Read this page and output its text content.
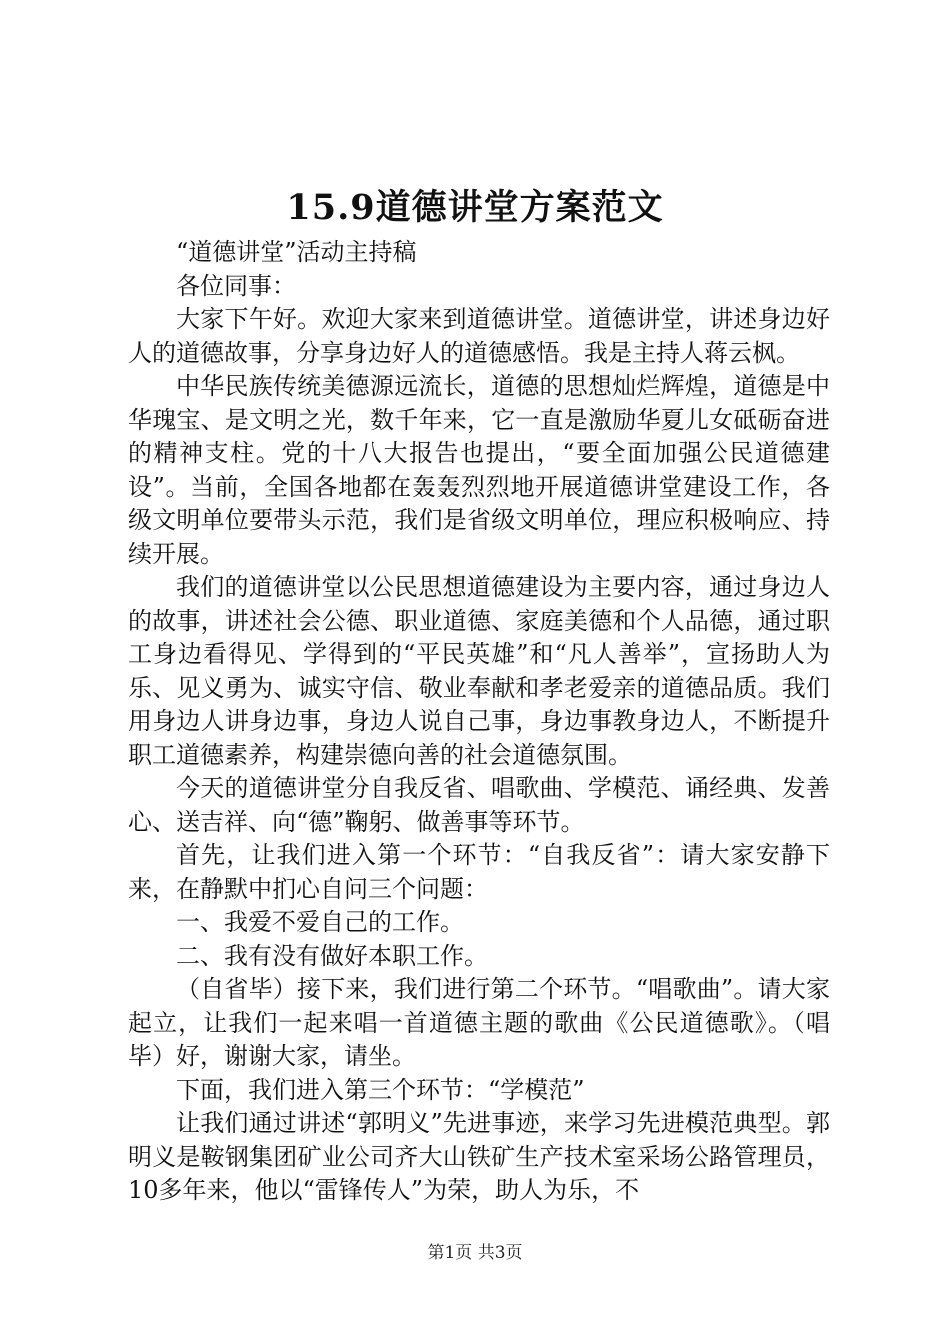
15.9道德讲堂方案范文

“道德讲堂”活动主持稿

各位同事：

大家下午好。欢迎大家来到道德讲堂。道德讲堂，讲述身边好人的道德故事，分享身边好人的道德感悟。我是主持人蒋云枫。

中华民族传统美德源远流长，道德的思想灿烂辉煌，道德是中华瑰宝、是文明之光，数千年来，它一直是激励华夏儿女砥砺奋进的精神支柱。党的十八大报告也提出，“要全面加强公民道德建设”。当前，全国各地都在轰轰烈烈地开展道德讲堂建设工作，各级文明单位要带头示范，我们是省级文明单位，理应积极响应、持续开展。

我们的道德讲堂以公民思想道德建设为主要内容，通过身边人的故事，讲述社会公德、职业道德、家庭美德和个人品德，通过职工身边看得见、学得到的“平民英雄”和“凡人善举”，宣扬助人为乐、见义勇为、诚实守信、敬业奉献和孝老爱亲的道德品质。我们用身边人讲身边事，身边人说自己事，身边事教身边人，不断提升职工道德素养，构建崇德向善的社会道德氛围。

今天的道德讲堂分自我反省、唱歌曲、学模范、诵经典、发善心、送吉祥、向“德”鞠躬、做善事等环节。

首先，让我们进入第一个环节：“自我反省”：请大家安静下来，在静默中扪心自问三个问题：

一、我爱不爱自己的工作。

二、我有没有做好本职工作。

（自省毕）接下来，我们进行第二个环节。“唱歌曲”。请大家起立，让我们一起来唱一首道德主题的歌曲《公民道德歌》。（唱毕）好，谢谢大家，请坐。

下面，我们进入第三个环节：“学模范”

让我们通过讲述“郭明义”先进事迹，来学习先进模范典型。郭明义是鞍钢集团矿业公司齐大山铁矿生产技术室采场公路管理员，10多年来，他以“雷锋传人”为荣，助人为乐，不

第1页 共3页
